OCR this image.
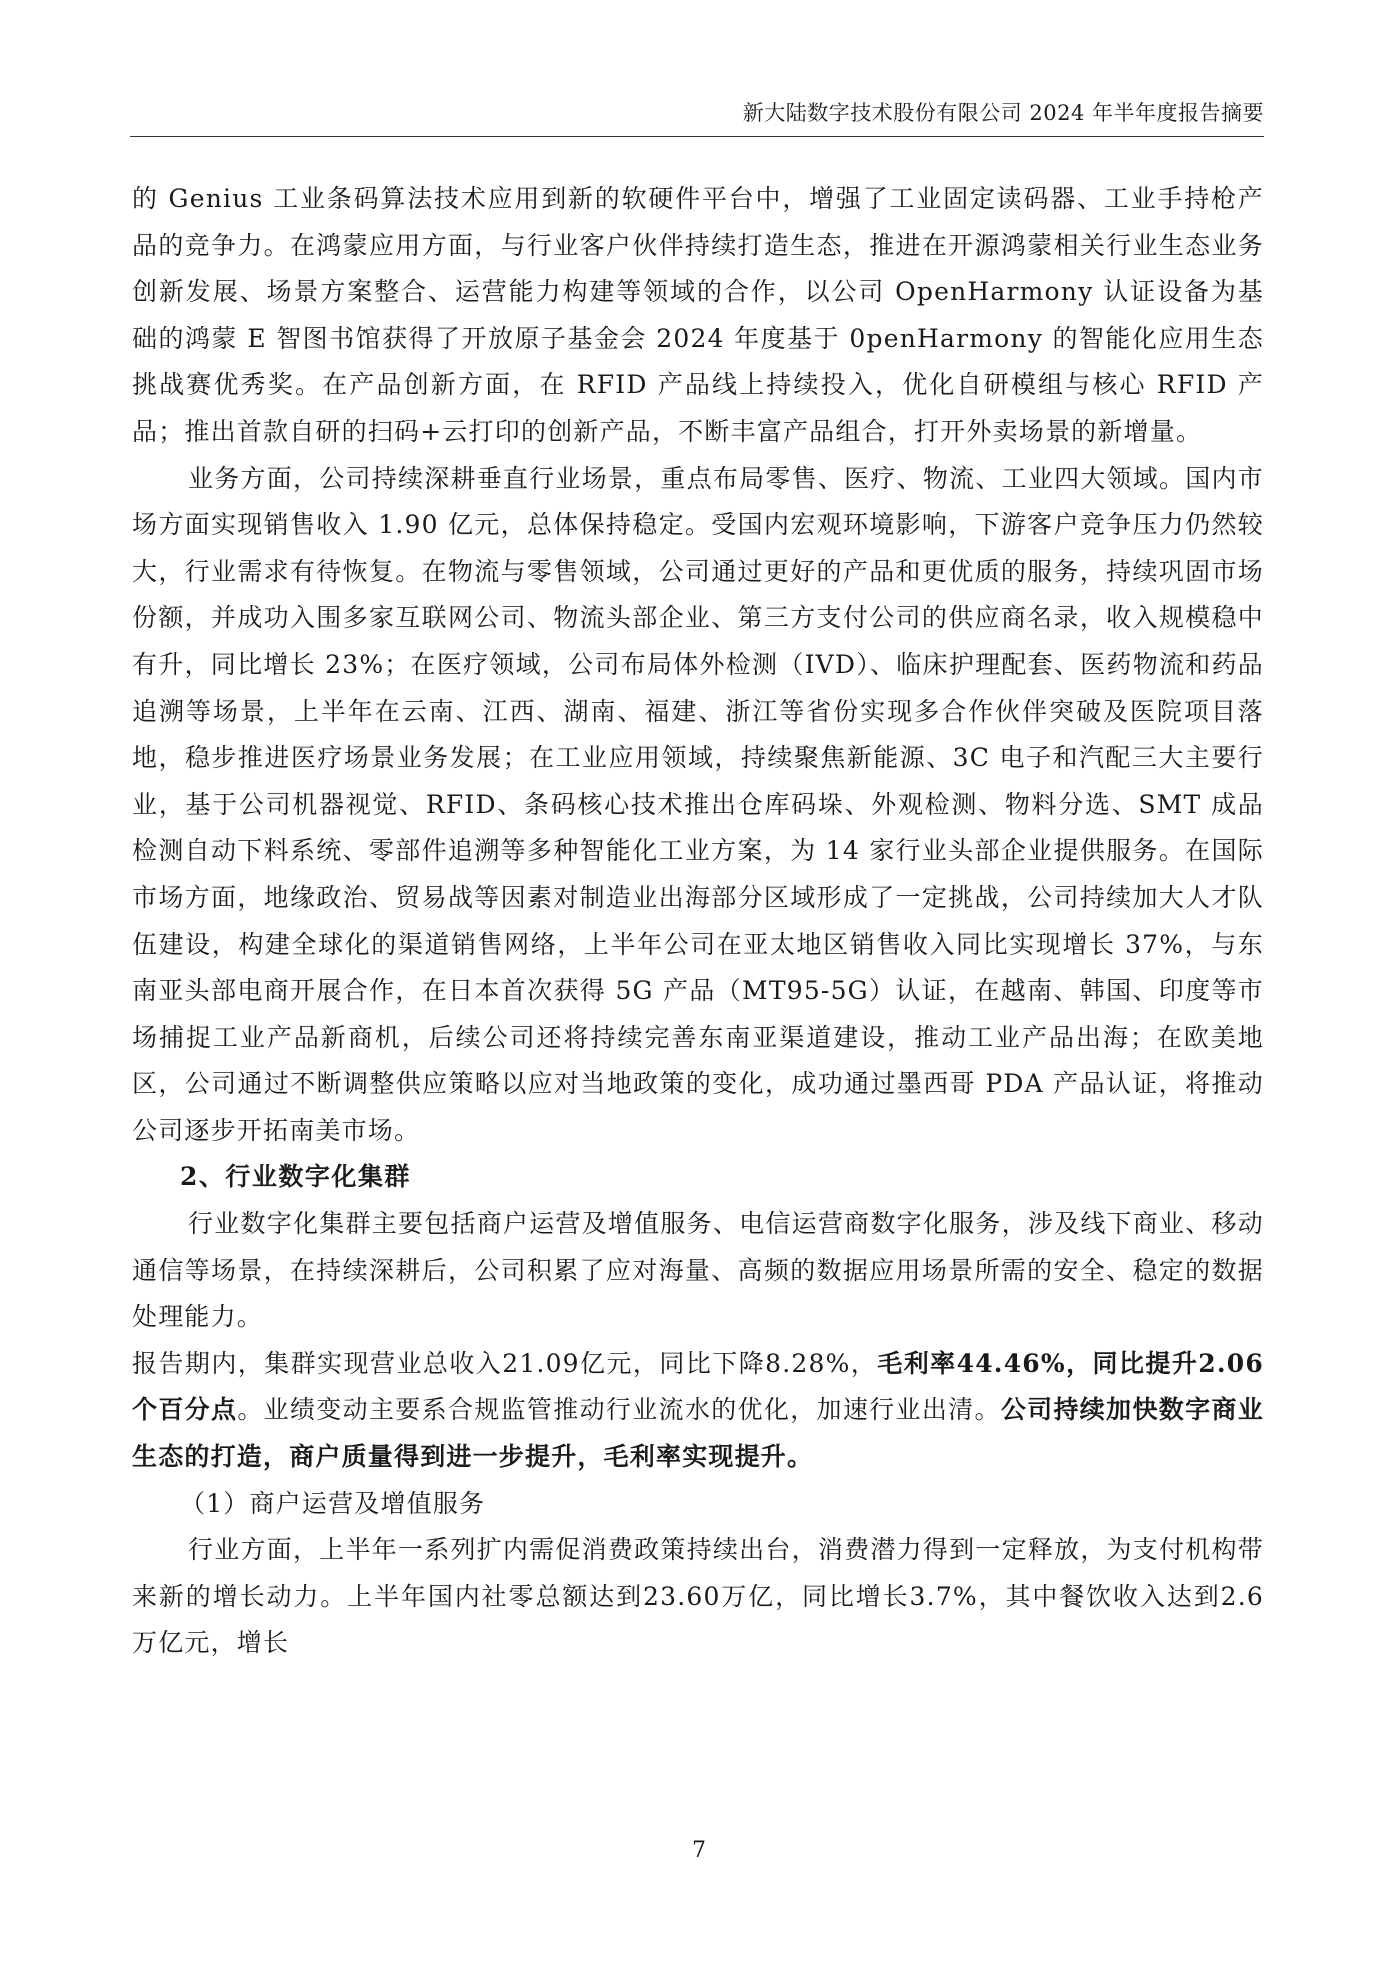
新大陆数字技术股份有限公司 2024 年半年度报告摘要

的 Genius 工业条码算法技术应用到新的软硬件平台中，增强了工业固定读码器、工业手持枪产品的竞争力。在鸿蒙应用方面，与行业客户伙伴持续打造生态，推进在开源鸿蒙相关行业生态业务创新发展、场景方案整合、运营能力构建等领域的合作，以公司 OpenHarmony 认证设备为基础的鸿蒙 E 智图书馆获得了开放原子基金会 2024 年度基于 0penHarmony 的智能化应用生态挑战赛优秀奖。在产品创新方面，在 RFID 产品线上持续投入，优化自研模组与核心 RFID 产品；推出首款自研的扫码+云打印的创新产品，不断丰富产品组合，打开外卖场景的新增量。

业务方面，公司持续深耕垂直行业场景，重点布局零售、医疗、物流、工业四大领域。国内市场方面实现销售收入 1.90 亿元，总体保持稳定。受国内宏观环境影响，下游客户竞争压力仍然较大，行业需求有待恢复。在物流与零售领域，公司通过更好的产品和更优质的服务，持续巩固市场份额，并成功入围多家互联网公司、物流头部企业、第三方支付公司的供应商名录，收入规模稳中有升，同比增长 23%；在医疗领域，公司布局体外检测（IVD）、临床护理配套、医药物流和药品追溯等场景，上半年在云南、江西、湖南、福建、浙江等省份实现多合作伙伴突破及医院项目落地，稳步推进医疗场景业务发展；在工业应用领域，持续聚焦新能源、3C 电子和汽配三大主要行业，基于公司机器视觉、RFID、条码核心技术推出仓库码垛、外观检测、物料分选、SMT 成品检测自动下料系统、零部件追溯等多种智能化工业方案，为 14 家行业头部企业提供服务。在国际市场方面，地缘政治、贸易战等因素对制造业出海部分区域形成了一定挑战，公司持续加大人才队伍建设，构建全球化的渠道销售网络，上半年公司在亚太地区销售收入同比实现增长 37%，与东南亚头部电商开展合作，在日本首次获得 5G 产品（MT95-5G）认证，在越南、韩国、印度等市场捕捉工业产品新商机，后续公司还将持续完善东南亚渠道建设，推动工业产品出海；在欧美地区，公司通过不断调整供应策略以应对当地政策的变化，成功通过墨西哥 PDA 产品认证，将推动公司逐步开拓南美市场。

2、行业数字化集群

行业数字化集群主要包括商户运营及增值服务、电信运营商数字化服务，涉及线下商业、移动通信等场景，在持续深耕后，公司积累了应对海量、高频的数据应用场景所需的安全、稳定的数据处理能力。

报告期内，集群实现营业总收入21.09亿元，同比下降8.28%，毛利率44.46%，同比提升2.06个百分点。业绩变动主要系合规监管推动行业流水的优化，加速行业出清。公司持续加快数字商业生态的打造，商户质量得到进一步提升，毛利率实现提升。

（1）商户运营及增值服务

行业方面，上半年一系列扩内需促消费政策持续出台，消费潜力得到一定释放，为支付机构带来新的增长动力。上半年国内社零总额达到23.60万亿，同比增长3.7%，其中餐饮收入达到2.6万亿元，增长

7
